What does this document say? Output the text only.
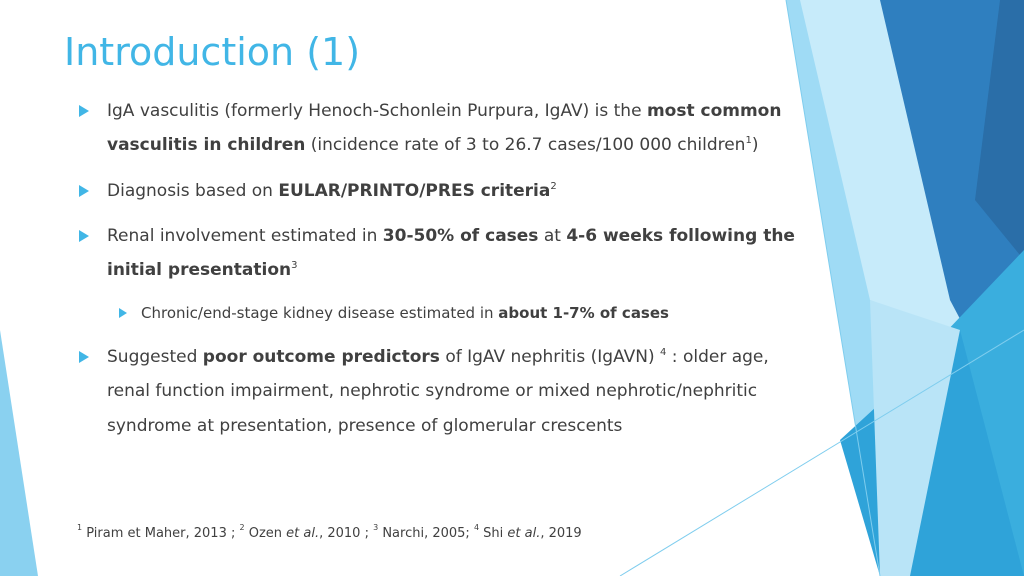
Introduction (1)
IgA vasculitis (formerly Henoch-Schonlein Purpura, IgAV) is the most common
vasculitis in children (incidence rate of 3 to 26.7 cases/100 000 children$^1$)
Diagnosis based on EULAR/PRINTO/PRES criteria$^2$
Renal involvement estimated in 30-50% of cases at 4-6 weeks following the
initial presentation$^3$
Chronic/end-stage kidney disease estimated in about 1-7% of cases
Suggested poor outcome predictors of IgAV nephritis (IgAVN) $^4$ : older age,
renal function impairment, nephrotic syndrome or mixed nephrotic/nephritic
syndrome at presentation, presence of glomerular crescents
$^1$ Piram et Maher, 2013 ; $^2$ Ozen et al., 2010 ; $^3$ Narchi, 2005; $^4$ Shi et al., 2019
